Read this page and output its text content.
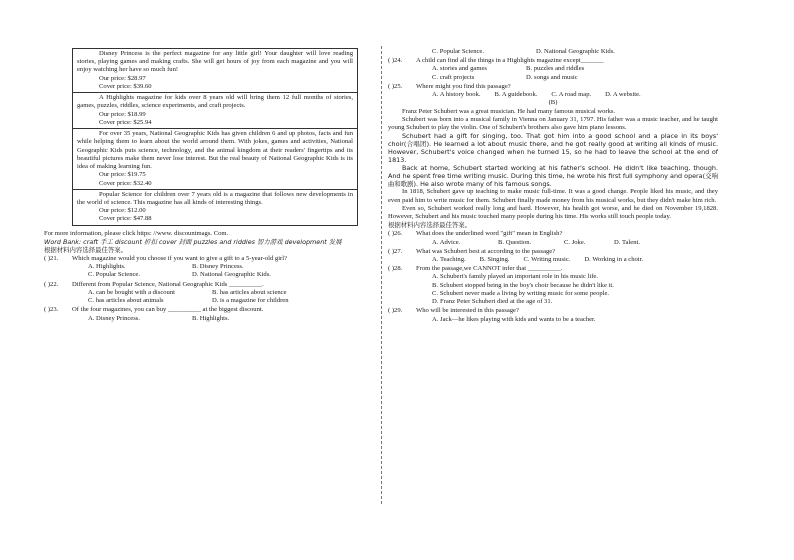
Disney Princess is the perfect magazine for any little girl! Your daughter will love reading stories, playing games and making crafts. She will get hours of joy from each magazine and you will enjoy watching her have so much fun!
Our price: $28.97
Cover price: $39.60
A Highlights magazine for kids over 8 years old will bring them 12 full months of stories, games, puzzles, riddles, science experiments, and craft projects.
Our price: $18.99
Cover price: $25.94
For over 35 years, National Geographic Kids has given children 6 and up photos, facts and fun while helping them to learn about the world around them. With jokes, games and activities, National Geographic Kids puts science, technology, and the animal kingdom at their readers' fingertips and its beautiful pictures make them never lose interest. But the real beauty of National Geographic Kids is its idea of making learning fun.
Our price: $19.75
Cover price: $32.40
Popular Science for children over 7 years old is a magazine that follows new developments in the world of science. This magazine has all kinds of interesting things.
Our price: $12.00
Cover price: $47.88
For more information, please click https: //www. discountmags. Com.
Word Bank: craft 手工 discount 折扣 cover 封面 puzzles and riddles 智力游戏 development 发展
根据材料内容选择最佳答案。
( )21.	Which magazine would you choose if you want to give a gift to a 5-year-old girl?
A. Highlights.	B. Disney Princess.
C. Popular Science.	D. National Geographic Kids.
( )22.	Different from Popular Science, National Geographic Kids __________.
A. can be bought with a discount	B. has articles about science
C. has articles about animals	D. is a magazine for children
( )23.	Of the four magazines, you can buy __________ at the biggest discount.
A. Disney Princess.	B. Highlights.
C. Popular Science.	D. National Geographic Kids.
( )24.	A child can find all the things in a Highlights magazine except_______
A. stories and games	B. puzzles and riddles
C. craft projects	D. songs and music
( )25.	Where might you find this passage?
A. A history book. B. A guidebook. C. A road map. D. A website.
(B)

Franz Peter Schubert was a great musician. He had many famous musical works.

Schubert was born into a musical family in Vienna on January 31, 1797. His father was a music teacher, and he taught young Schubert to play the violin. One of Schubert's brothers also gave him piano lessons.

Schubert had a gift for singing, too. That got him into a good school and a place in its boys' choir(合唱团). He learned a lot about music there, and he got really good at writing all kinds of music. However, Schubert's voice changed when he turned 15, so he had to leave the school at the end of 1813.

Back at home, Schubert started working at his father's school. He didn't like teaching, though. And he spent free time writing music. During this time, he wrote his first full symphony and opera(交响曲和歌剧). He also wrote many of his famous songs.

In 1818, Schubert gave up teaching to make music full-time. It was a good change. People liked his music, and they even paid him to write music for them. Schubert finally made money from his musical works, but they didn't make him rich.

Even so, Schubert worked really long and hard. However, his health got worse, and he died on November 19,1828. However, Schubert and his music touched many people during his time. His works still touch people today.

根据材料内容选择最佳答案。
( )26.	What does the underlined word "gift" mean in English?
A. Advice.	B. Question.	C. Joke.	D. Talent.
( )27.	What was Schubert best at according to the passage?
A. Teaching. B. Singing. C. Writing music. D. Working in a choir.
( )28.	From the passage,we CANNOT infer that __________.
A. Schubert's family played an important role in his music life.
B. Schubert stopped being in the boy's choir because he didn't like it.
C. Schubert never made a living by writing music for some people.
D. Franz Peter Schubert died at the age of 31.
( )29.	Who will be interested in this passage?
A. Jack—he likes playing with kids and wants to be a teacher.
